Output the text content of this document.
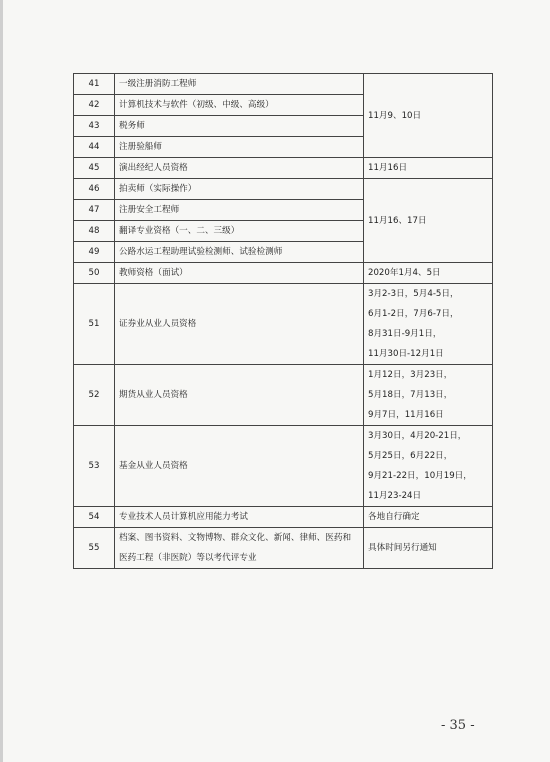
41	一级注册消防工程师	11月9、10日
42	计算机技术与软件（初级、中级、高级）	
43	税务师	
44	注册验船师	
45	演出经纪人员资格	11月16日
46	拍卖师（实际操作）	11月16、17日
47	注册安全工程师	
48	翻译专业资格（一、二、三级）	
49	公路水运工程助理试验检测师、试验检测师	
50	教师资格（面试）	2020年1月4、5日
51	证券业从业人员资格	3月2-3日，5月4-5日，
6月1-2日，7月6-7日，
8月31日-9月1日，
11月30日-12月1日

52	期货从业人员资格	1月12日，3月23日，
5月18日，7月13日，
9月7日，11月16日

53	基金从业人员资格	3月30日，4月20-21日，
5月25日，6月22日，
9月21-22日，10月19日，
11月23-24日

54	专业技术人员计算机应用能力考试	各地自行确定
55	档案、图书资料、文物博物、群众文化、新闻、律师、医药和
医药工程（非医院）等以考代评专业	具体时间另行通知
- 35 -
